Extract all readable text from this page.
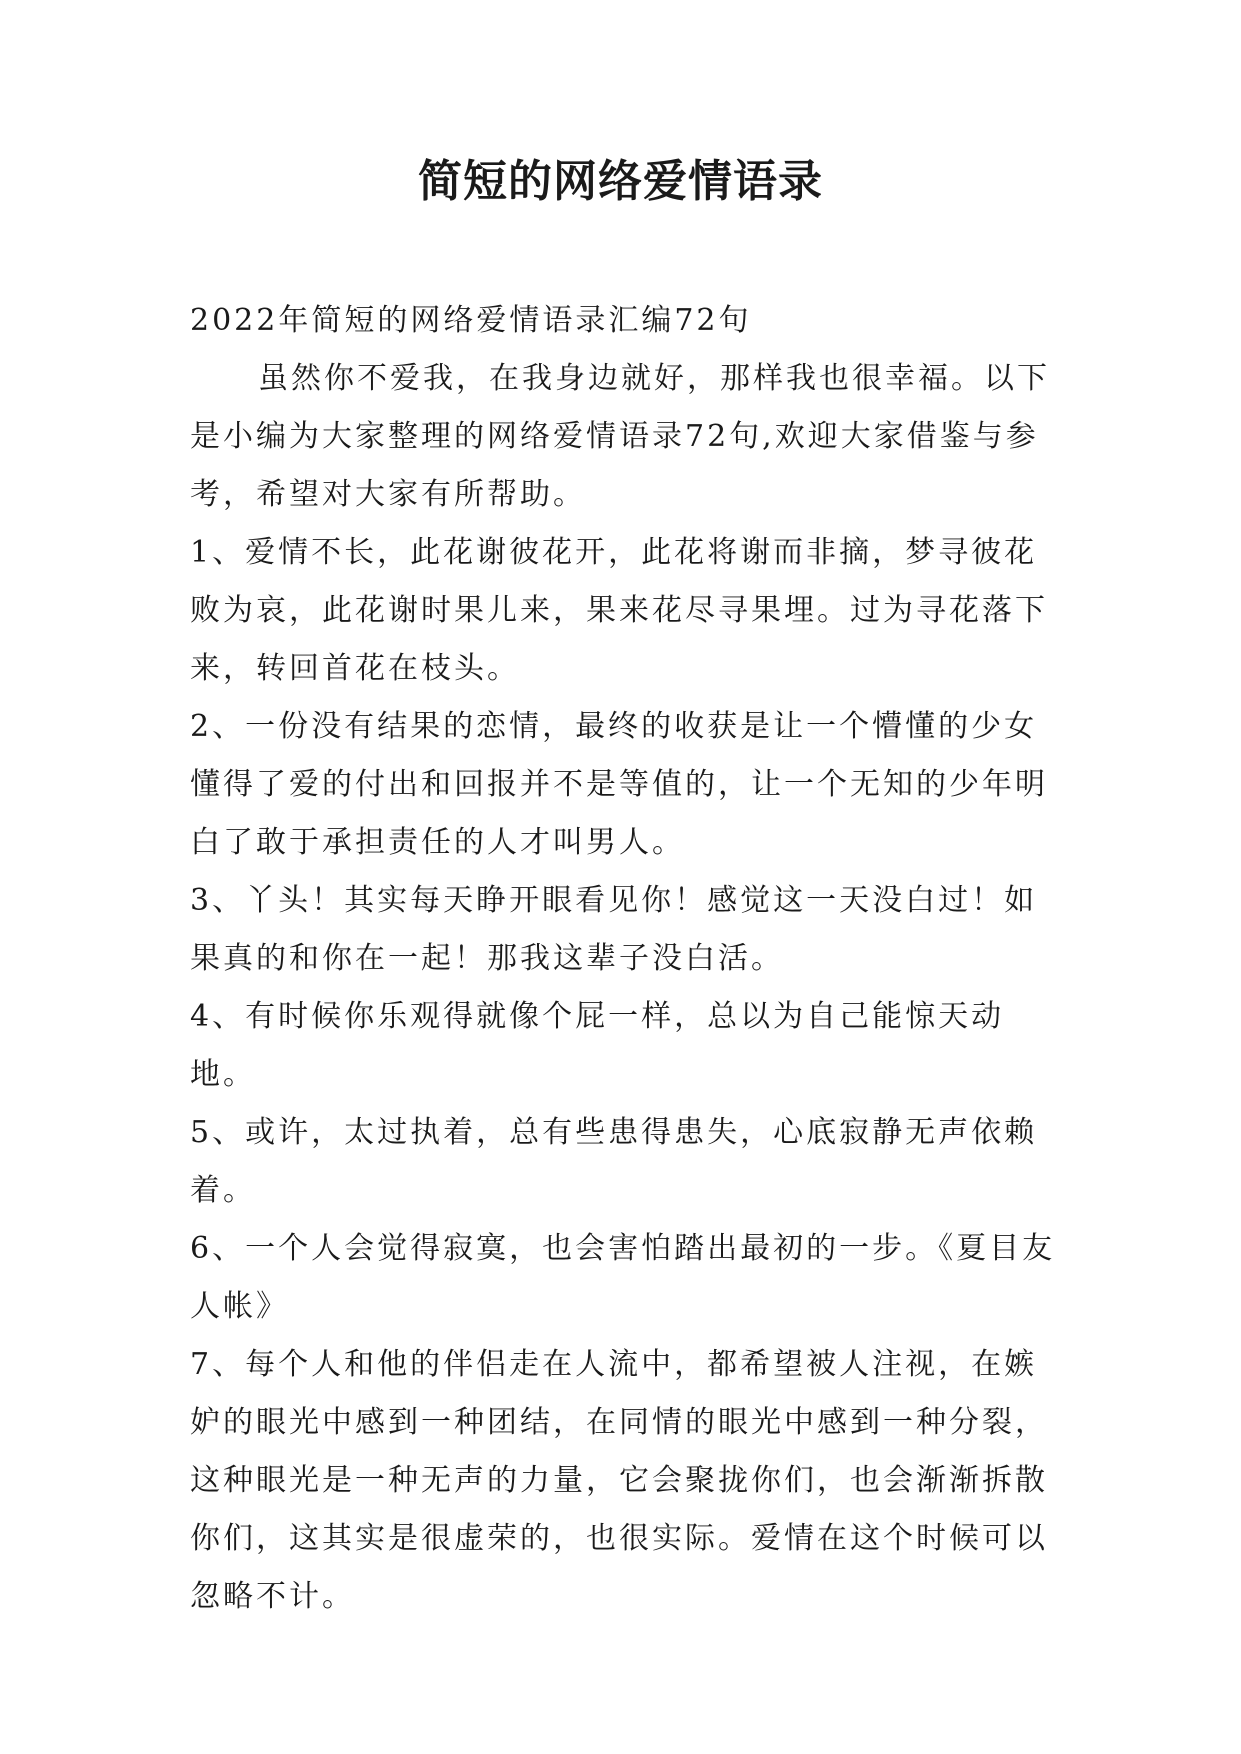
简短的网络爱情语录

2022年简短的网络爱情语录汇编72句

虽然你不爱我，在我身边就好，那样我也很幸福。以下是小编为大家整理的网络爱情语录72句,欢迎大家借鉴与参考，希望对大家有所帮助。

1、爱情不长，此花谢彼花开，此花将谢而非摘，梦寻彼花败为哀，此花谢时果儿来，果来花尽寻果埋。过为寻花落下来，转回首花在枝头。

2、一份没有结果的恋情，最终的收获是让一个懵懂的少女懂得了爱的付出和回报并不是等值的，让一个无知的少年明白了敢于承担责任的人才叫男人。

3、丫头！其实每天睁开眼看见你！感觉这一天没白过！如果真的和你在一起！那我这辈子没白活。

4、有时候你乐观得就像个屁一样，总以为自己能惊天动地。

5、或许，太过执着，总有些患得患失，心底寂静无声依赖着。

6、一个人会觉得寂寞，也会害怕踏出最初的一步。《夏目友人帐》

7、每个人和他的伴侣走在人流中，都希望被人注视，在嫉妒的眼光中感到一种团结，在同情的眼光中感到一种分裂，这种眼光是一种无声的力量，它会聚拢你们，也会渐渐拆散你们，这其实是很虚荣的，也很实际。爱情在这个时候可以忽略不计。
